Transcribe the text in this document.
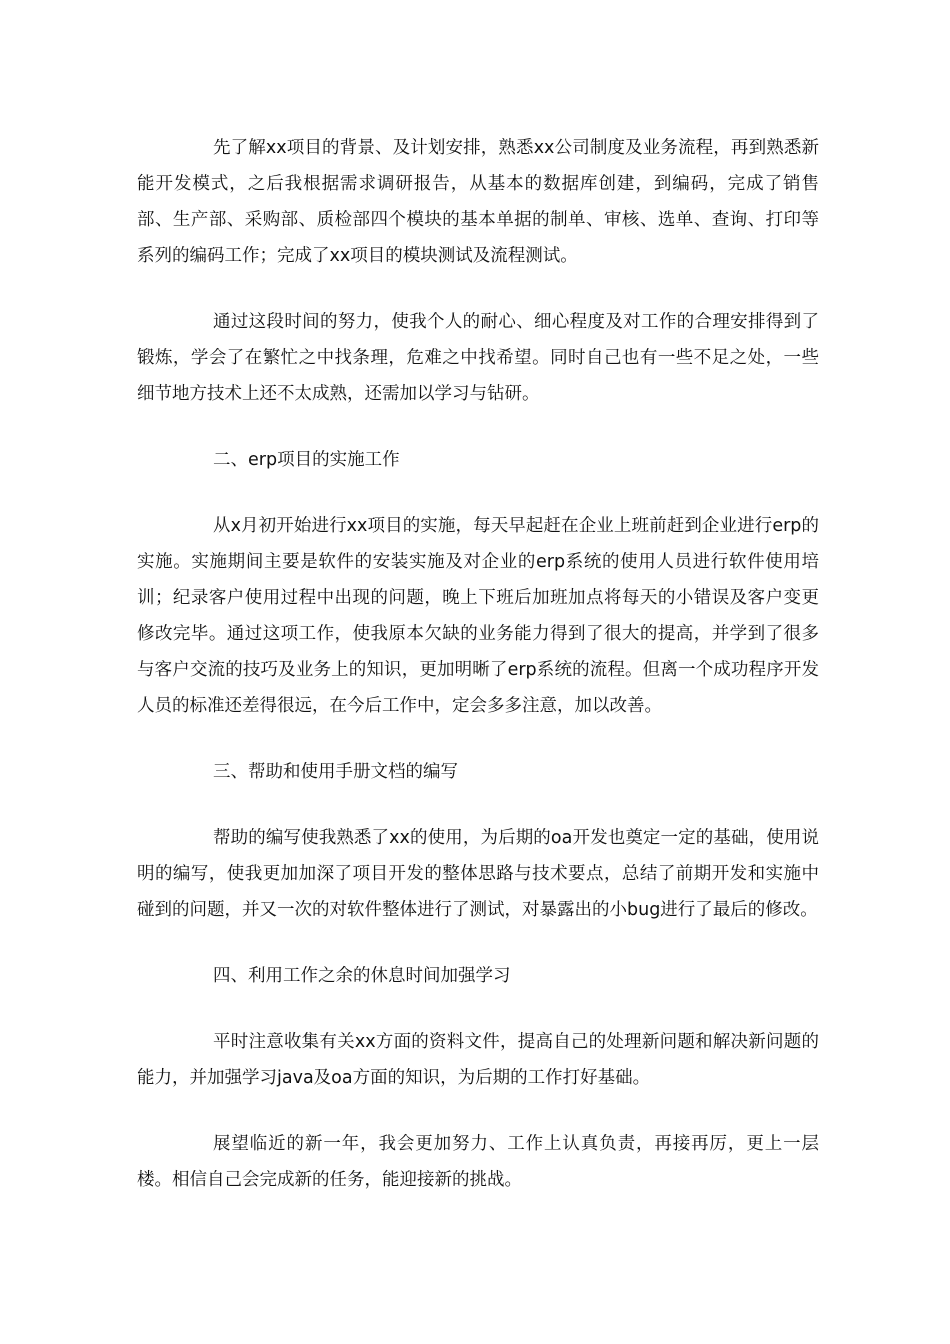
先了解xx项目的背景、及计划安排，熟悉xx公司制度及业务流程，再到熟悉新能开发模式，之后我根据需求调研报告，从基本的数据库创建，到编码，完成了销售部、生产部、采购部、质检部四个模块的基本单据的制单、审核、选单、查询、打印等系列的编码工作；完成了xx项目的模块测试及流程测试。

通过这段时间的努力，使我个人的耐心、细心程度及对工作的合理安排得到了锻炼，学会了在繁忙之中找条理，危难之中找希望。同时自己也有一些不足之处，一些细节地方技术上还不太成熟，还需加以学习与钻研。

二、erp项目的实施工作

从x月初开始进行xx项目的实施，每天早起赶在企业上班前赶到企业进行erp的实施。实施期间主要是软件的安装实施及对企业的erp系统的使用人员进行软件使用培训；纪录客户使用过程中出现的问题，晚上下班后加班加点将每天的小错误及客户变更修改完毕。通过这项工作，使我原本欠缺的业务能力得到了很大的提高，并学到了很多与客户交流的技巧及业务上的知识，更加明晰了erp系统的流程。但离一个成功程序开发人员的标准还差得很远，在今后工作中，定会多多注意，加以改善。

三、帮助和使用手册文档的编写

帮助的编写使我熟悉了xx的使用，为后期的oa开发也奠定一定的基础，使用说明的编写，使我更加加深了项目开发的整体思路与技术要点，总结了前期开发和实施中碰到的问题，并又一次的对软件整体进行了测试，对暴露出的小bug进行了最后的修改。

四、利用工作之余的休息时间加强学习

平时注意收集有关xx方面的资料文件，提高自己的处理新问题和解决新问题的能力，并加强学习java及oa方面的知识，为后期的工作打好基础。

展望临近的新一年，我会更加努力、工作上认真负责，再接再厉，更上一层楼。相信自己会完成新的任务，能迎接新的挑战。
